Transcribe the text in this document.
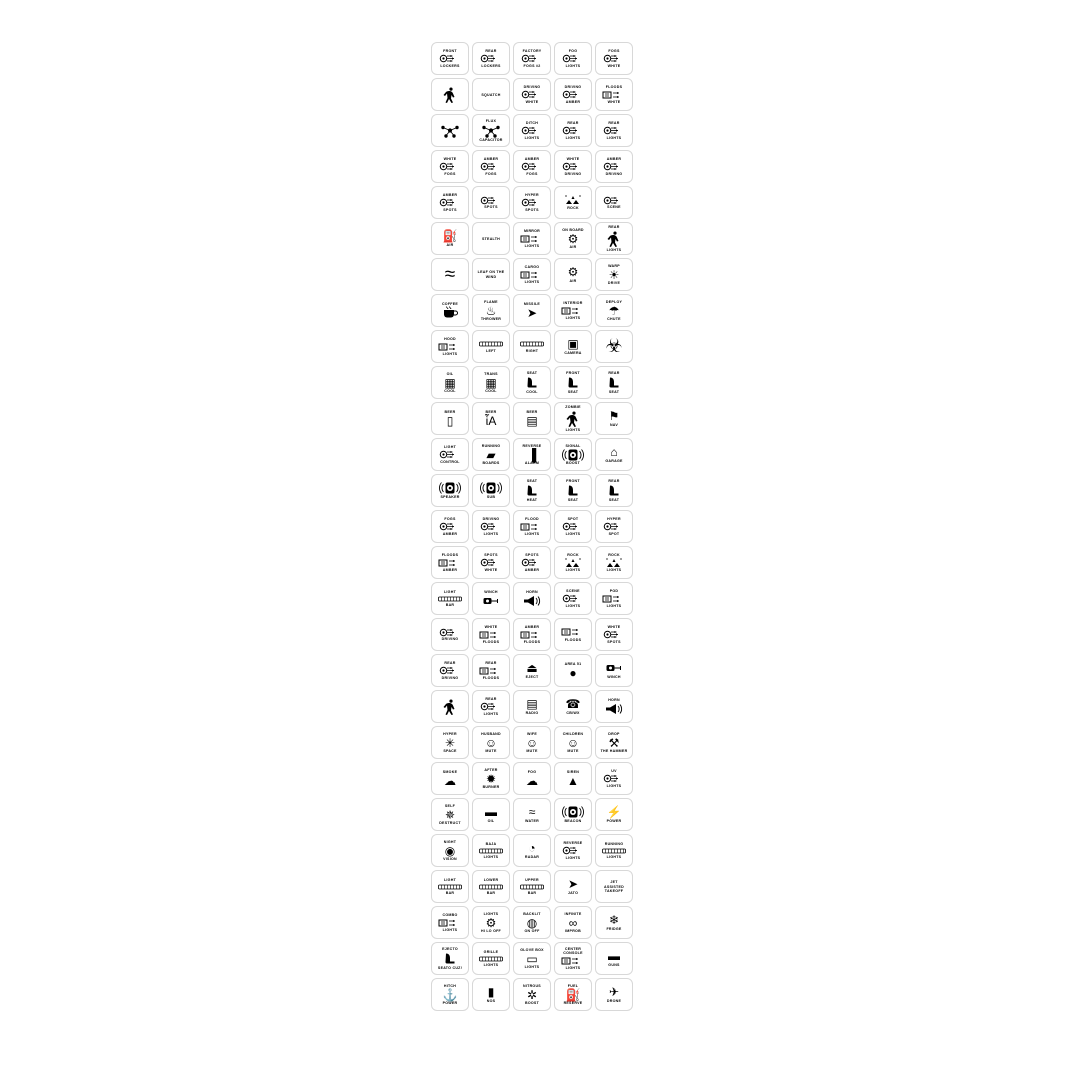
FRONT
LOCKERS
REAR
LOCKERS
FACTORY
FOGS #2
FOG
LIGHTS
FOGS
WHITE
SQUATCH
DRIVING
WHITE
DRIVING
AMBER
FLOODS
WHITE
FLUX
CAPACITOR
DITCH
LIGHTS
REAR
LIGHTS
REAR
LIGHTS
WHITE
FOGS
AMBER
FOGS
AMBER
FOGS
WHITE
DRIVING
AMBER
DRIVING
AMBER
SPOTS
SPOTS
HYPER
SPOTS	ROCK	SCENE
⛽
AIR
STEALTH
MIRROR
LIGHTS
ON BOARD
⚙
AIR
REAR
LIGHTS
≈	LEAF ON THE
WIND
CARGO
LIGHTS
⚙
AIR
WARP
☀
DRIVE
COFFEE	FLAME
♨
THROWER
MISSILE
➤
INTERIOR
LIGHTS
DEPLOY
☂
CHUTE
HOOD
LIGHTS
LEFT	RIGHT	▣
CAMERA	☣
OIL
▦
COOL
TRANS
▦
COOL
SEAT
COOL
FRONT
SEAT
REAR
SEAT
BEER
▯
BEER
ἷA
BEER
▤
ZOMBIE
LIGHTS
⚑
NAV
LIGHT
CONTROL
RUNNING
▰
BOARDS
REVERSE
▐
ALARM
SIGNAL
BOOST
⌂
GARAGE
SPEAKER	SUB
SEAT
HEAT
FRONT
SEAT
REAR
SEAT
FOGS
AMBER
DRIVING
LIGHTS
FLOOD
LIGHTS
SPOT
LIGHTS
HYPER
SPOT
FLOODS
AMBER
SPOTS
WHITE
SPOTS
AMBER
ROCK
LIGHTS
ROCK
LIGHTS
LIGHT
BAR
WINCH	HORN	SCENE
LIGHTS
POD
LIGHTS
DRIVING
WHITE
FLOODS
AMBER
FLOODS
FLOODS
WHITE
SPOTS
REAR
DRIVING
REAR
FLOODS
⏏
EJECT
AREA 51
●	WINCH
REAR
LIGHTS
▤
RADIO
☎
CB/WX
HORN
HYPER
✳
SPACE
HUSBAND
☺
MUTE
WIFE
☺
MUTE
CHILDREN
☺
MUTE
DROP
⚒
THE HAMMER
SMOKE
☁
AFTER
✹
BURNER
FOG
☁
SIREN
▲
UV
LIGHTS
SELF
✵
DESTRUCT
▬
OIL
≈
WATER	BEACON
⚡
POWER
NIGHT
◉
VISION
BAJA
LIGHTS
◔
RADAR
REVERSE
LIGHTS
RUNNING
LIGHTS
LIGHT
BAR
LOWER
BAR
UPPER
BAR
➤
JATO
JET
ASSISTED TAKEOFF
COMBO
LIGHTS
LIGHTS
⚙
HI LO OFF
BACKLIT
◍
ON OFF
INFINITE
∞
IMPROB
❄
FRIDGE
EJECTO
SEATO CUZ!
GRILLE
LIGHTS
GLOVE BOX
▭
LIGHTS
CENTER CONSOLE
LIGHTS
▬
GUNS
HITCH
⚓
POWER
▮
NOS
NITROUS
✲
BOOST
FUEL
⛽
RESERVE
✈
DRONE
